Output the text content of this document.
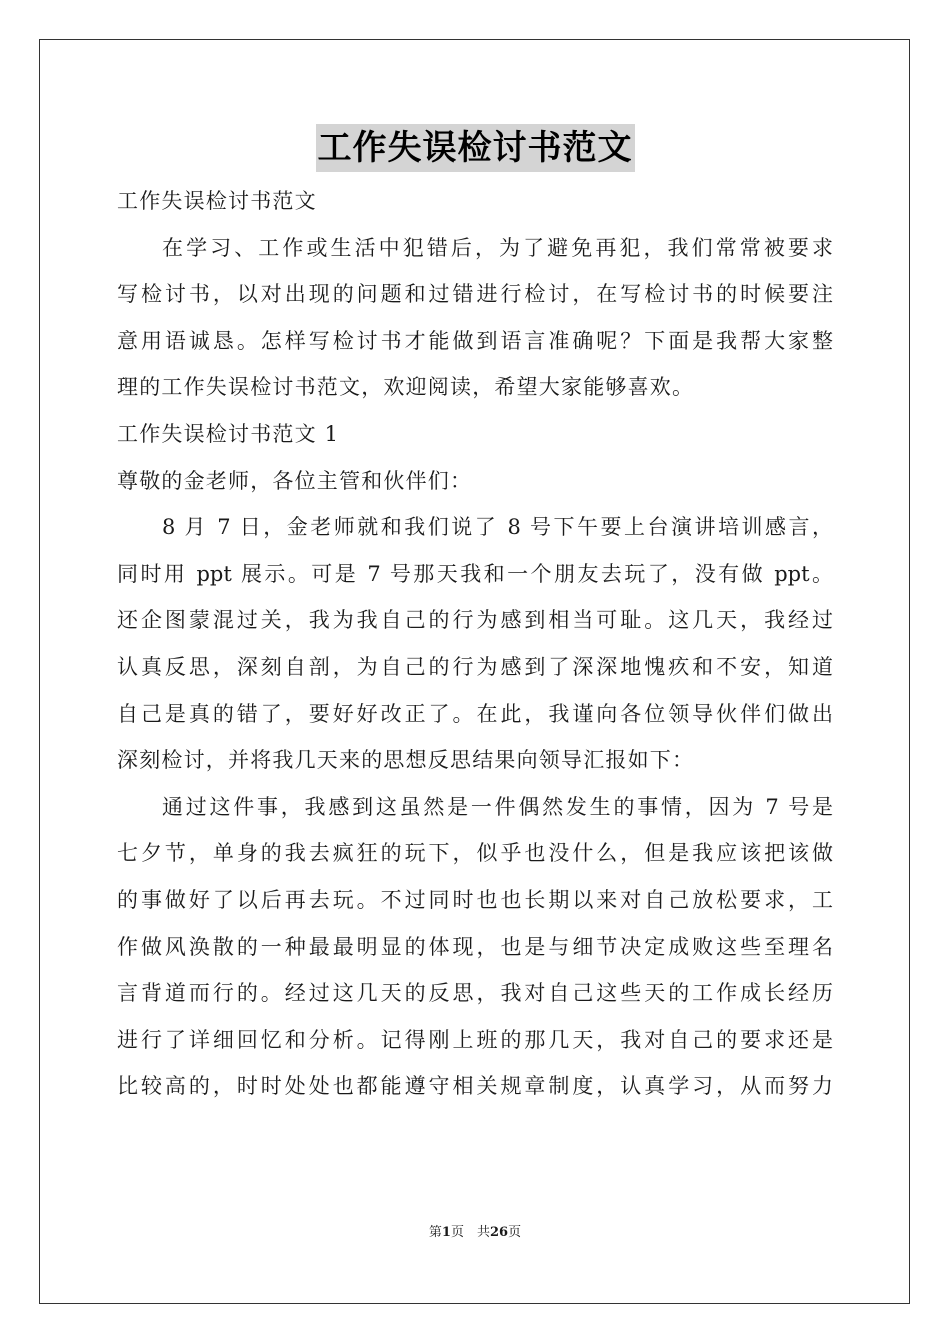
工作失误检讨书范文
工作失误检讨书范文
在学习、工作或生活中犯错后，为了避免再犯，我们常常被要求
写检讨书，以对出现的问题和过错进行检讨，在写检讨书的时候要注
意用语诚恳。怎样写检讨书才能做到语言准确呢？下面是我帮大家整
理的工作失误检讨书范文，欢迎阅读，希望大家能够喜欢。
工作失误检讨书范文 1
尊敬的金老师，各位主管和伙伴们：
8 月 7 日，金老师就和我们说了 8 号下午要上台演讲培训感言，
同时用 ppt 展示。可是 7 号那天我和一个朋友去玩了，没有做 ppt。
还企图蒙混过关，我为我自己的行为感到相当可耻。这几天，我经过
认真反思，深刻自剖，为自己的行为感到了深深地愧疚和不安，知道
自己是真的错了，要好好改正了。在此，我谨向各位领导伙伴们做出
深刻检讨，并将我几天来的思想反思结果向领导汇报如下：
通过这件事，我感到这虽然是一件偶然发生的事情，因为 7 号是
七夕节，单身的我去疯狂的玩下，似乎也没什么，但是我应该把该做
的事做好了以后再去玩。不过同时也也长期以来对自己放松要求，工
作做风涣散的一种最最明显的体现，也是与细节决定成败这些至理名
言背道而行的。经过这几天的反思，我对自己这些天的工作成长经历
进行了详细回忆和分析。记得刚上班的那几天，我对自己的要求还是
比较高的，时时处处也都能遵守相关规章制度，认真学习，从而努力
第1页　共26页
